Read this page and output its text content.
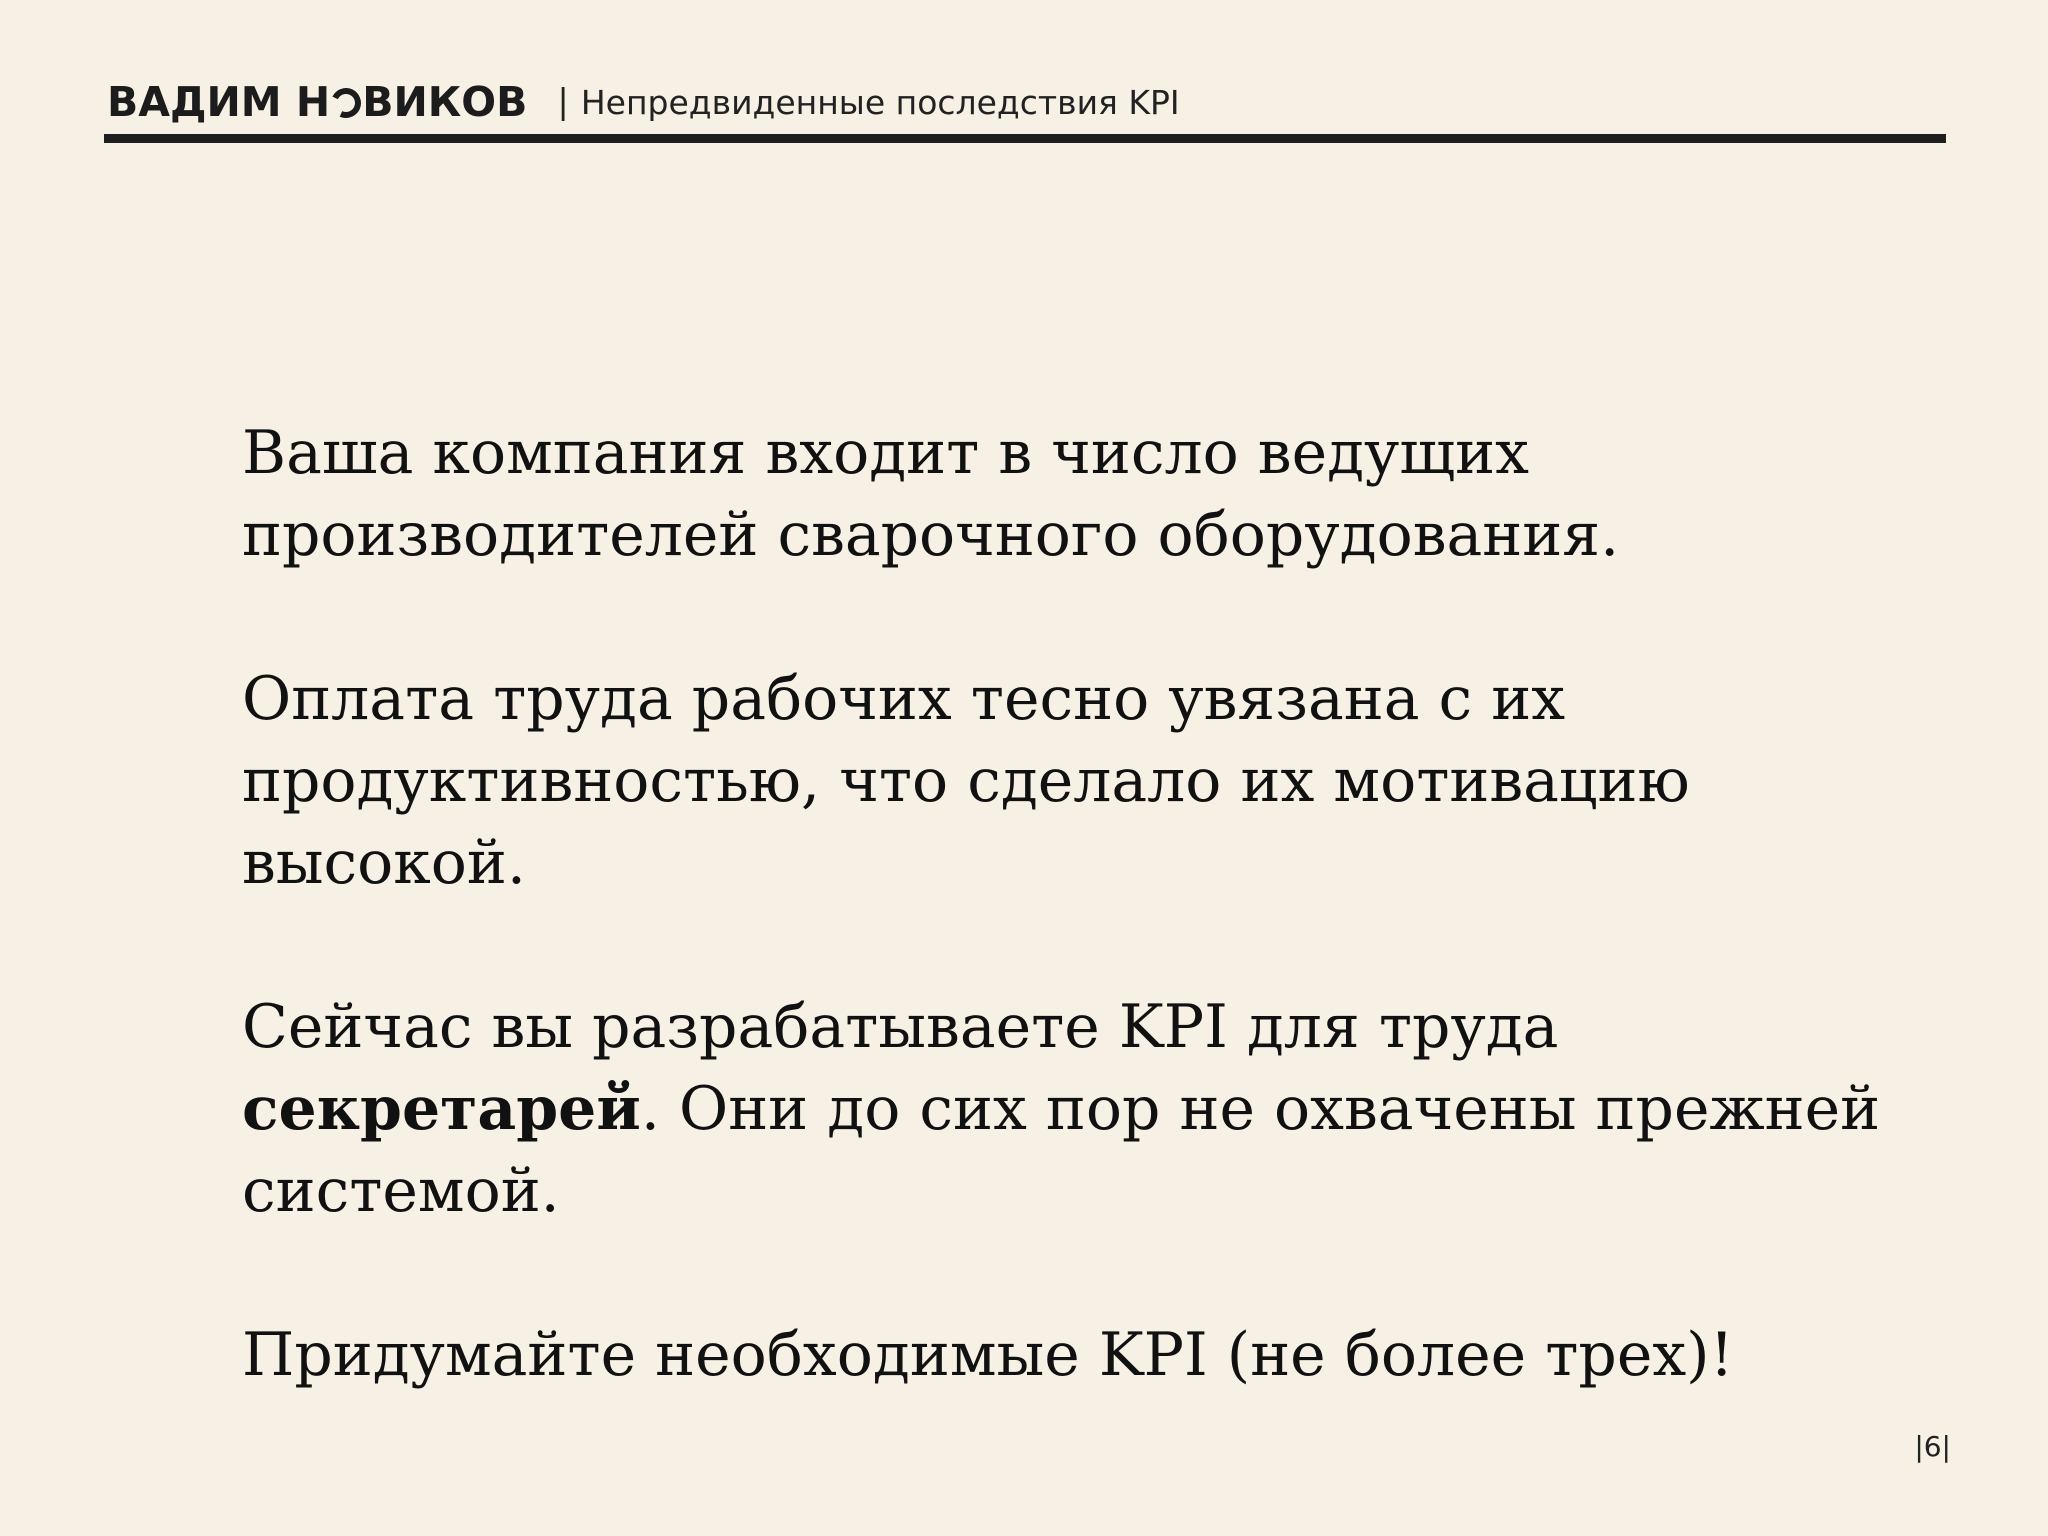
ВАДИМ Н ВИКОВ | Непредвиденные последствия KPI

Ваша компания входит в число ведущих производителей сварочного оборудования.

Оплата труда рабочих тесно увязана с их продуктивностью, что сделало их мотивацию высокой.

Сейчас вы разрабатываете KPI для труда секретарей. Они до сих пор не охвачены прежней системой.

Придумайте необходимые KPI (не более трех)!

|6|
